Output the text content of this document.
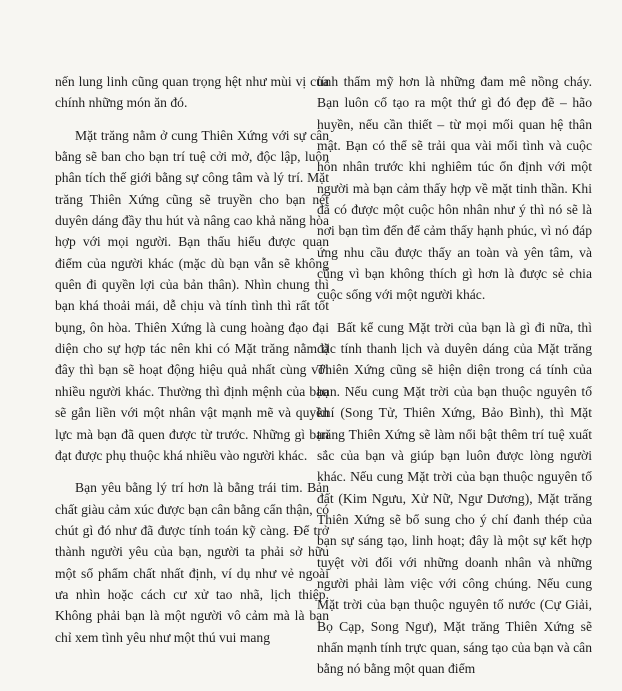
nến lung linh cũng quan trọng hệt như mùi vị của chính những món ăn đó.

Mặt trăng nằm ở cung Thiên Xứng với sự cân bằng sẽ ban cho bạn trí tuệ cởi mở, độc lập, luôn phân tích thế giới bằng sự công tâm và lý trí. Mặt trăng Thiên Xứng cũng sẽ truyền cho bạn nét duyên dáng đầy thu hút và nâng cao khả năng hòa hợp với mọi người. Bạn thấu hiểu được quan điểm của người khác (mặc dù bạn vẫn sẽ không quên đi quyền lợi của bản thân). Nhìn chung thì bạn khá thoải mái, dễ chịu và tính tình thì rất tốt bụng, ôn hòa. Thiên Xứng là cung hoàng đạo đại diện cho sự hợp tác nên khi có Mặt trăng nằm ở đây thì bạn sẽ hoạt động hiệu quả nhất cùng với nhiều người khác. Thường thì định mệnh của bạn sẽ gắn liền với một nhân vật mạnh mẽ và quyền lực mà bạn đã quen được từ trước. Những gì bạn đạt được phụ thuộc khá nhiều vào người khác.

Bạn yêu bằng lý trí hơn là bằng trái tim. Bản chất giàu cảm xúc được bạn cân bằng cẩn thận, có chút gì đó như đã được tính toán kỹ càng. Để trở thành người yêu của bạn, người ta phải sở hữu một số phẩm chất nhất định, ví dụ như vẻ ngoài ưa nhìn hoặc cách cư xử tao nhã, lịch thiệp. Không phải bạn là một người vô cảm mà là bạn chỉ xem tình yêu như một thú vui mang

tính thẩm mỹ hơn là những đam mê nồng cháy. Bạn luôn cố tạo ra một thứ gì đó đẹp đẽ – hão huyền, nếu cần thiết – từ mọi mối quan hệ thân mật. Bạn có thể sẽ trải qua vài mối tình và cuộc hôn nhân trước khi nghiêm túc ổn định với một người mà bạn cảm thấy hợp về mặt tinh thần. Khi đã có được một cuộc hôn nhân như ý thì nó sẽ là nơi bạn tìm đến để cảm thấy hạnh phúc, vì nó đáp ứng nhu cầu được thấy an toàn và yên tâm, và cũng vì bạn không thích gì hơn là được sẻ chia cuộc sống với một người khác.

Bất kể cung Mặt trời của bạn là gì đi nữa, thì đặc tính thanh lịch và duyên dáng của Mặt trăng Thiên Xứng cũng sẽ hiện diện trong cá tính của bạn. Nếu cung Mặt trời của bạn thuộc nguyên tố khí (Song Tử, Thiên Xứng, Bảo Bình), thì Mặt trăng Thiên Xứng sẽ làm nổi bật thêm trí tuệ xuất sắc của bạn và giúp bạn luôn được lòng người khác. Nếu cung Mặt trời của bạn thuộc nguyên tố đất (Kim Ngưu, Xử Nữ, Ngư Dương), Mặt trăng Thiên Xứng sẽ bổ sung cho ý chí đanh thép của bạn sự sáng tạo, linh hoạt; đây là một sự kết hợp tuyệt vời đối với những doanh nhân và những người phải làm việc với công chúng. Nếu cung Mặt trời của bạn thuộc nguyên tố nước (Cự Giải, Bọ Cạp, Song Ngư), Mặt trăng Thiên Xứng sẽ nhấn mạnh tính trực quan, sáng tạo của bạn và cân bằng nó bằng một quan điểm
